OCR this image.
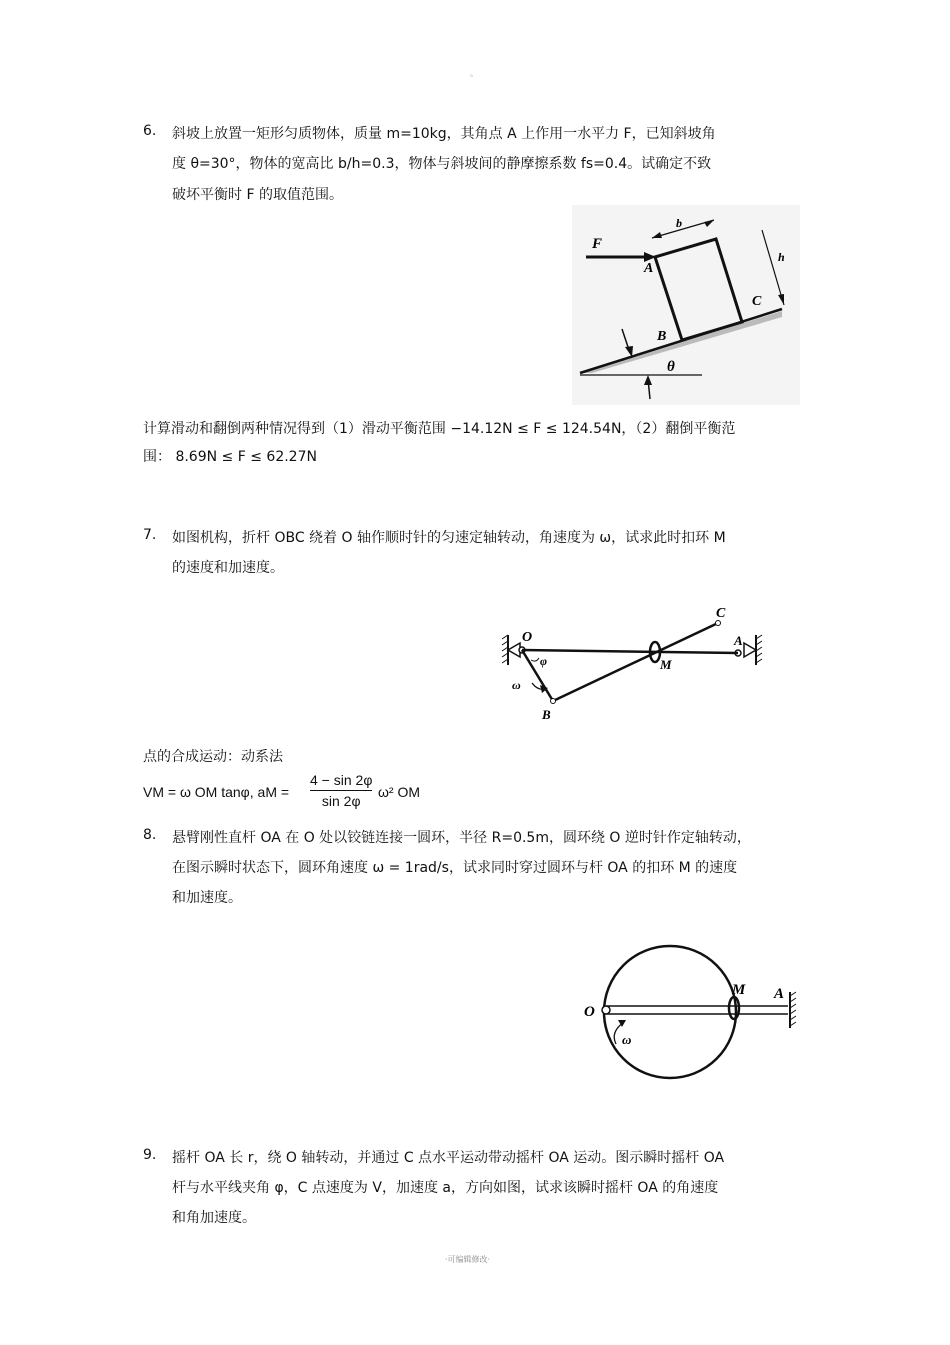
。
6. 斜坡上放置一矩形匀质物体，质量 m=10kg，其角点 A 上作用一水平力 F，已知斜坡角
度 θ=30°，物体的宽高比 b/h=0.3，物体与斜坡间的静摩擦系数 fs=0.4。试确定不致
破坏平衡时 F 的取值范围。
F
A
B
C
b
h
θ
计算滑动和翻倒两种情况得到（1）滑动平衡范围 −14.12N ≤ F ≤ 124.54N，（2）翻倒平衡范
围： 8.69N ≤ F ≤ 62.27N
7. 如图机构，折杆 OBC 绕着 O 轴作顺时针的匀速定轴转动，角速度为 ω，试求此时扣环 M
的速度和加速度。
O	A
B
C
M
φ
ω
点的合成运动：动系法
VM = ω OM tanφ, aM =
4 − sin 2φ
sin 2φ
ω² OM
8. 悬臂刚性直杆 OA 在 O 处以铰链连接一圆环，半径 R=0.5m，圆环绕 O 逆时针作定轴转动，
在图示瞬时状态下，圆环角速度 ω = 1rad/s，试求同时穿过圆环与杆 OA 的扣环 M 的速度
和加速度。
O
M A
ω
9. 摇杆 OA 长 r，绕 O 轴转动，并通过 C 点水平运动带动摇杆 OA 运动。图示瞬时摇杆 OA
杆与水平线夹角 φ，C 点速度为 V，加速度 a，方向如图，试求该瞬时摇杆 OA 的角速度
和角加速度。
·可编辑修改·
